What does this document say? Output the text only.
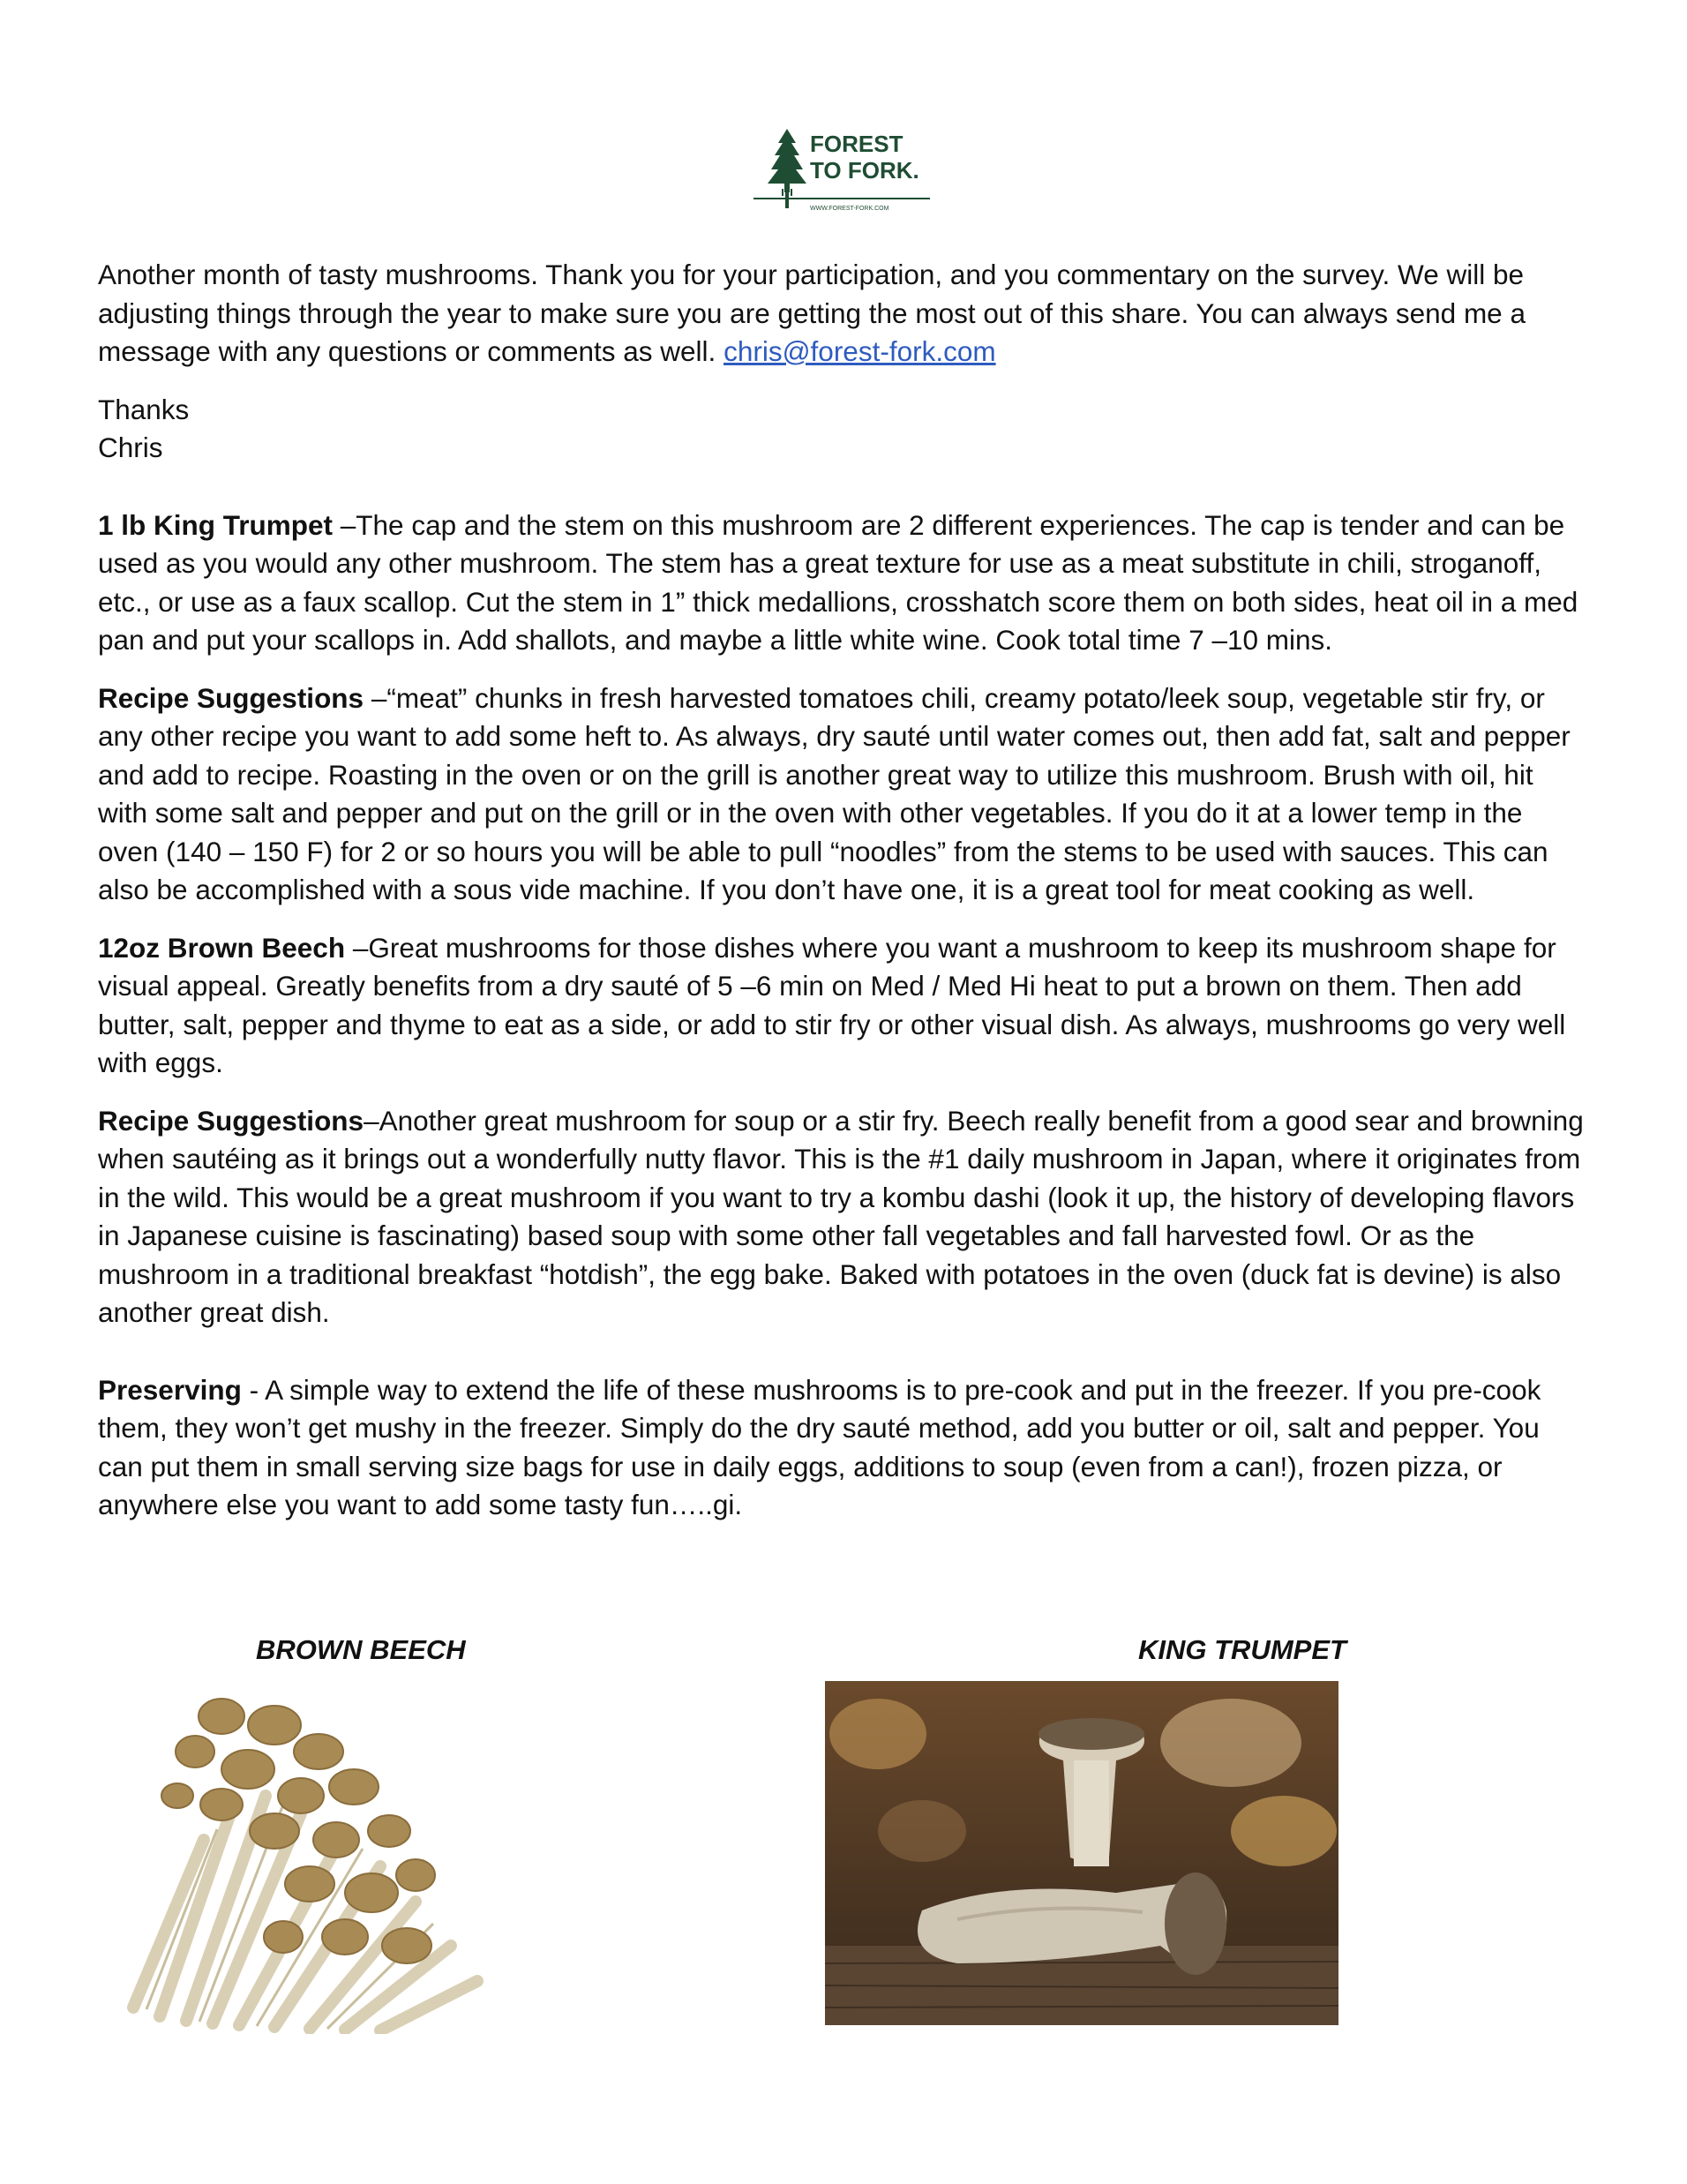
FOREST
TO FORK.
WWW.FOREST-FORK.COM

Another month of tasty mushrooms. Thank you for your participation, and you commentary on the survey. We will be adjusting things through the year to make sure you are getting the most out of this share. You can always send me a message with any questions or comments as well. chris@forest-fork.com

Thanks

Chris

1 lb King Trumpet –The cap and the stem on this mushroom are 2 different experiences. The cap is tender and can be used as you would any other mushroom. The stem has a great texture for use as a meat substitute in chili, stroganoff, etc., or use as a faux scallop. Cut the stem in 1” thick medallions, crosshatch score them on both sides, heat oil in a med pan and put your scallops in. Add shallots, and maybe a little white wine. Cook total time 7 –10 mins.

Recipe Suggestions –“meat” chunks in fresh harvested tomatoes chili, creamy potato/leek soup, vegetable stir fry, or any other recipe you want to add some heft to. As always, dry sauté until water comes out, then add fat, salt and pepper and add to recipe. Roasting in the oven or on the grill is another great way to utilize this mushroom. Brush with oil, hit with some salt and pepper and put on the grill or in the oven with other vegetables. If you do it at a lower temp in the oven (140 – 150 F) for 2 or so hours you will be able to pull “noodles” from the stems to be used with sauces. This can also be accomplished with a sous vide machine. If you don’t have one, it is a great tool for meat cooking as well.

12oz Brown Beech –Great mushrooms for those dishes where you want a mushroom to keep its mushroom shape for visual appeal. Greatly benefits from a dry sauté of 5 –6 min on Med / Med Hi heat to put a brown on them. Then add butter, salt, pepper and thyme to eat as a side, or add to stir fry or other visual dish. As always, mushrooms go very well with eggs.

Recipe Suggestions–Another great mushroom for soup or a stir fry. Beech really benefit from a good sear and browning when sautéing as it brings out a wonderfully nutty flavor. This is the #1 daily mushroom in Japan, where it originates from in the wild. This would be a great mushroom if you want to try a kombu dashi (look it up, the history of developing flavors in Japanese cuisine is fascinating) based soup with some other fall vegetables and fall harvested fowl. Or as the mushroom in a traditional breakfast “hotdish”, the egg bake. Baked with potatoes in the oven (duck fat is devine) is also another great dish.

Preserving - A simple way to extend the life of these mushrooms is to pre-cook and put in the freezer. If you pre-cook them, they won’t get mushy in the freezer. Simply do the dry sauté method, add you butter or oil, salt and pepper. You can put them in small serving size bags for use in daily eggs, additions to soup (even from a can!), frozen pizza, or anywhere else you want to add some tasty fun…..gi.

BROWN BEECH	KING TRUMPET
